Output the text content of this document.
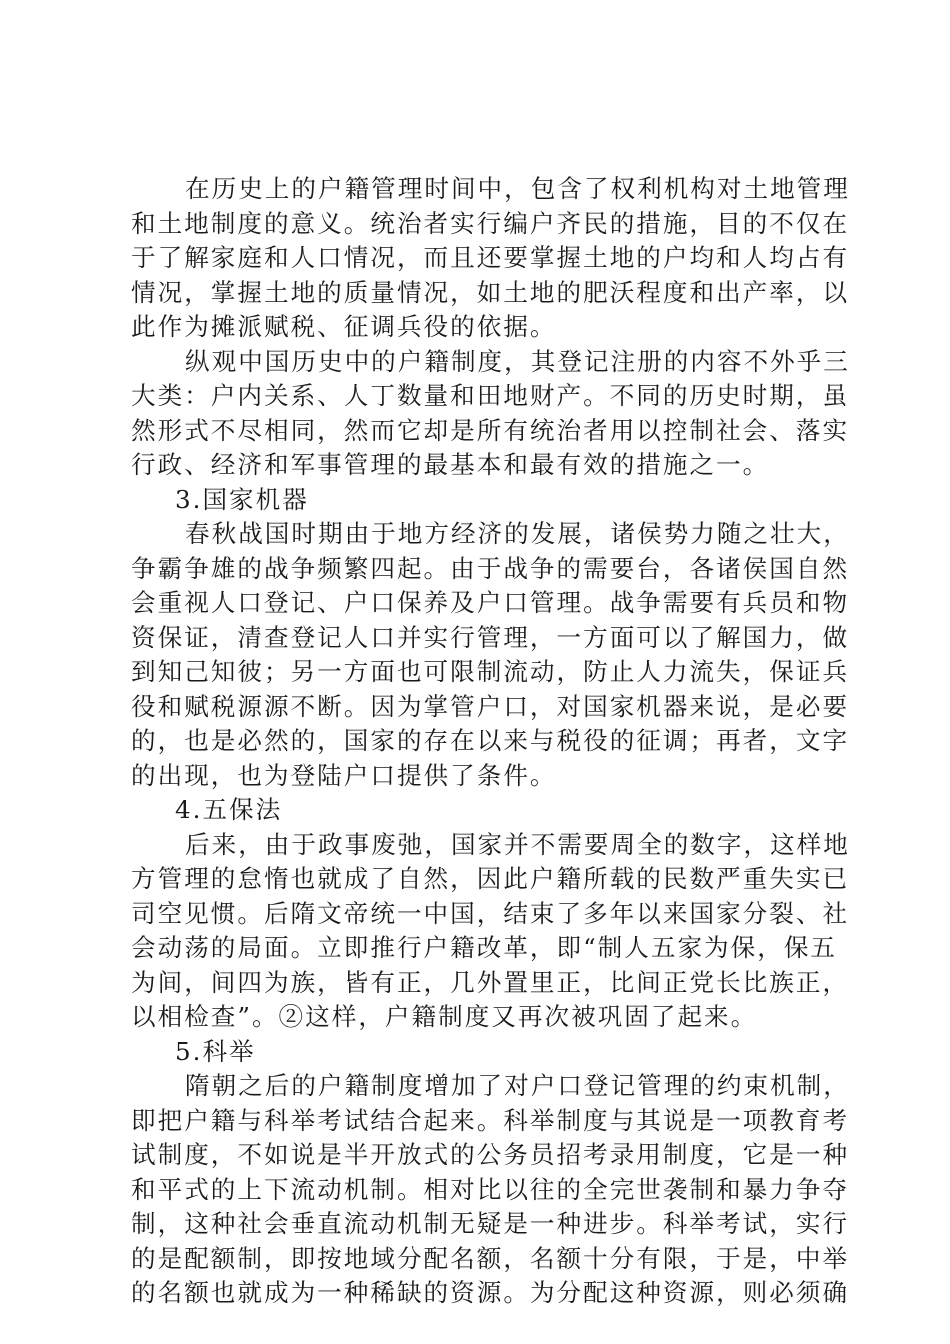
在历史上的户籍管理时间中，包含了权利机构对土地管理
和土地制度的意义。统治者实行编户齐民的措施，目的不仅在
于了解家庭和人口情况，而且还要掌握土地的户均和人均占有
情况，掌握土地的质量情况，如土地的肥沃程度和出产率，以
此作为摊派赋税、征调兵役的依据。
纵观中国历史中的户籍制度，其登记注册的内容不外乎三
大类：户内关系、人丁数量和田地财产。不同的历史时期，虽
然形式不尽相同，然而它却是所有统治者用以控制社会、落实
行政、经济和军事管理的最基本和最有效的措施之一。
3.国家机器
春秋战国时期由于地方经济的发展，诸侯势力随之壮大，
争霸争雄的战争频繁四起。由于战争的需要台，各诸侯国自然
会重视人口登记、户口保养及户口管理。战争需要有兵员和物
资保证，清查登记人口并实行管理，一方面可以了解国力，做
到知己知彼；另一方面也可限制流动，防止人力流失，保证兵
役和赋税源源不断。因为掌管户口，对国家机器来说，是必要
的，也是必然的，国家的存在以来与税役的征调；再者，文字
的出现，也为登陆户口提供了条件。
4.五保法
后来，由于政事废弛，国家并不需要周全的数字，这样地
方管理的怠惰也就成了自然，因此户籍所载的民数严重失实已
司空见惯。后隋文帝统一中国，结束了多年以来国家分裂、社
会动荡的局面。立即推行户籍改革，即“制人五家为保，保五
为间，间四为族，皆有正，几外置里正，比间正党长比族正，
以相检查”。②这样，户籍制度又再次被巩固了起来。
5.科举
隋朝之后的户籍制度增加了对户口登记管理的约束机制，
即把户籍与科举考试结合起来。科举制度与其说是一项教育考
试制度，不如说是半开放式的公务员招考录用制度，它是一种
和平式的上下流动机制。相对比以往的全完世袭制和暴力争夺
制，这种社会垂直流动机制无疑是一种进步。科举考试，实行
的是配额制，即按地域分配名额，名额十分有限，于是，中举
的名额也就成为一种稀缺的资源。为分配这种资源，则必须确
